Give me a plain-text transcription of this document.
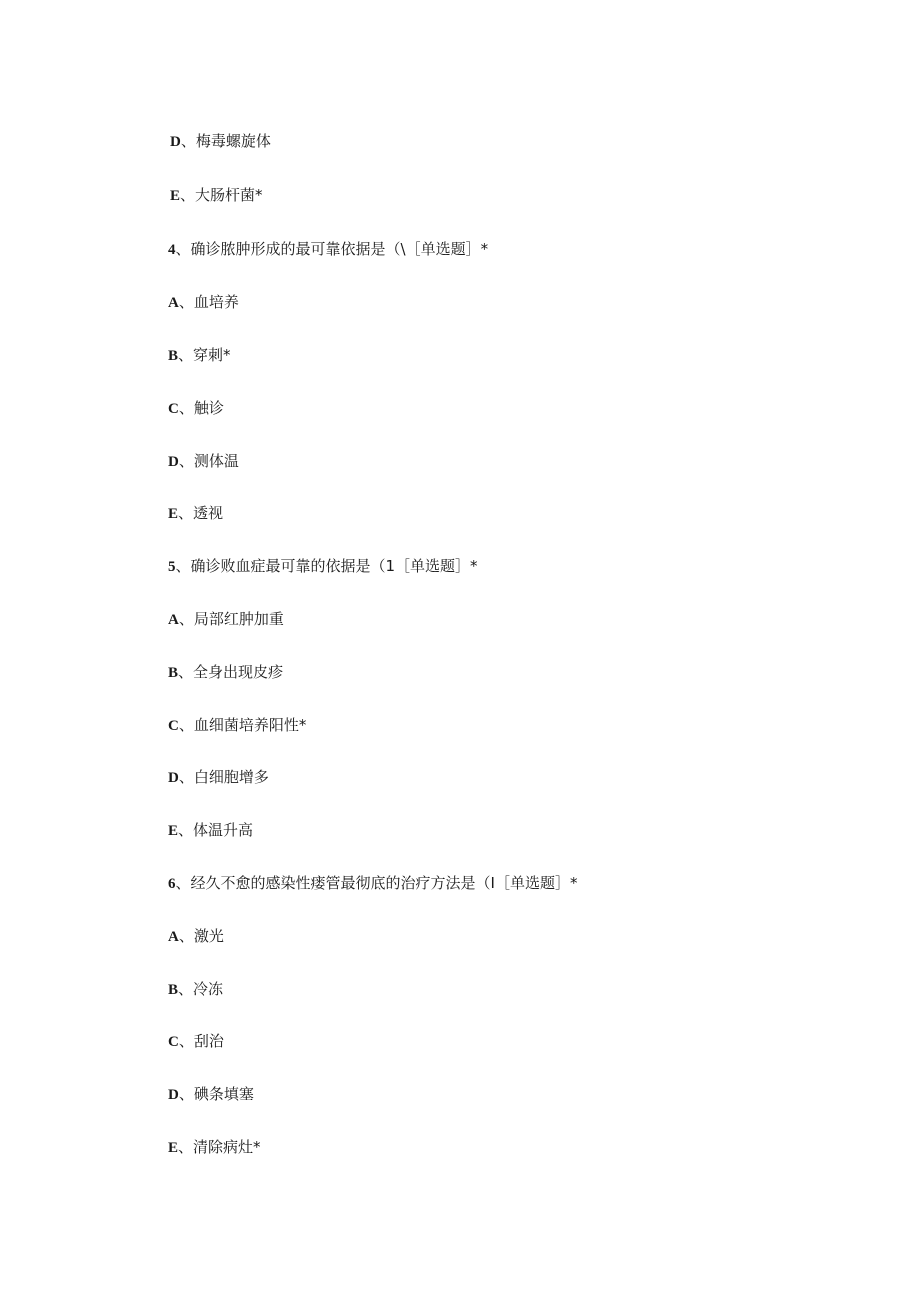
D、梅毒螺旋体
E、大肠杆菌*
4、确诊脓肿形成的最可靠依据是（\［单选题］*
A、血培养
B、穿刺*
C、触诊
D、测体温
E、透视
5、确诊败血症最可靠的依据是（1［单选题］*
A、局部红肿加重
B、全身出现皮疹
C、血细菌培养阳性*
D、白细胞增多
E、体温升高
6、经久不愈的感染性瘘管最彻底的治疗方法是（I［单选题］*
A、激光
B、冷冻
C、刮治
D、碘条填塞
E、清除病灶*
